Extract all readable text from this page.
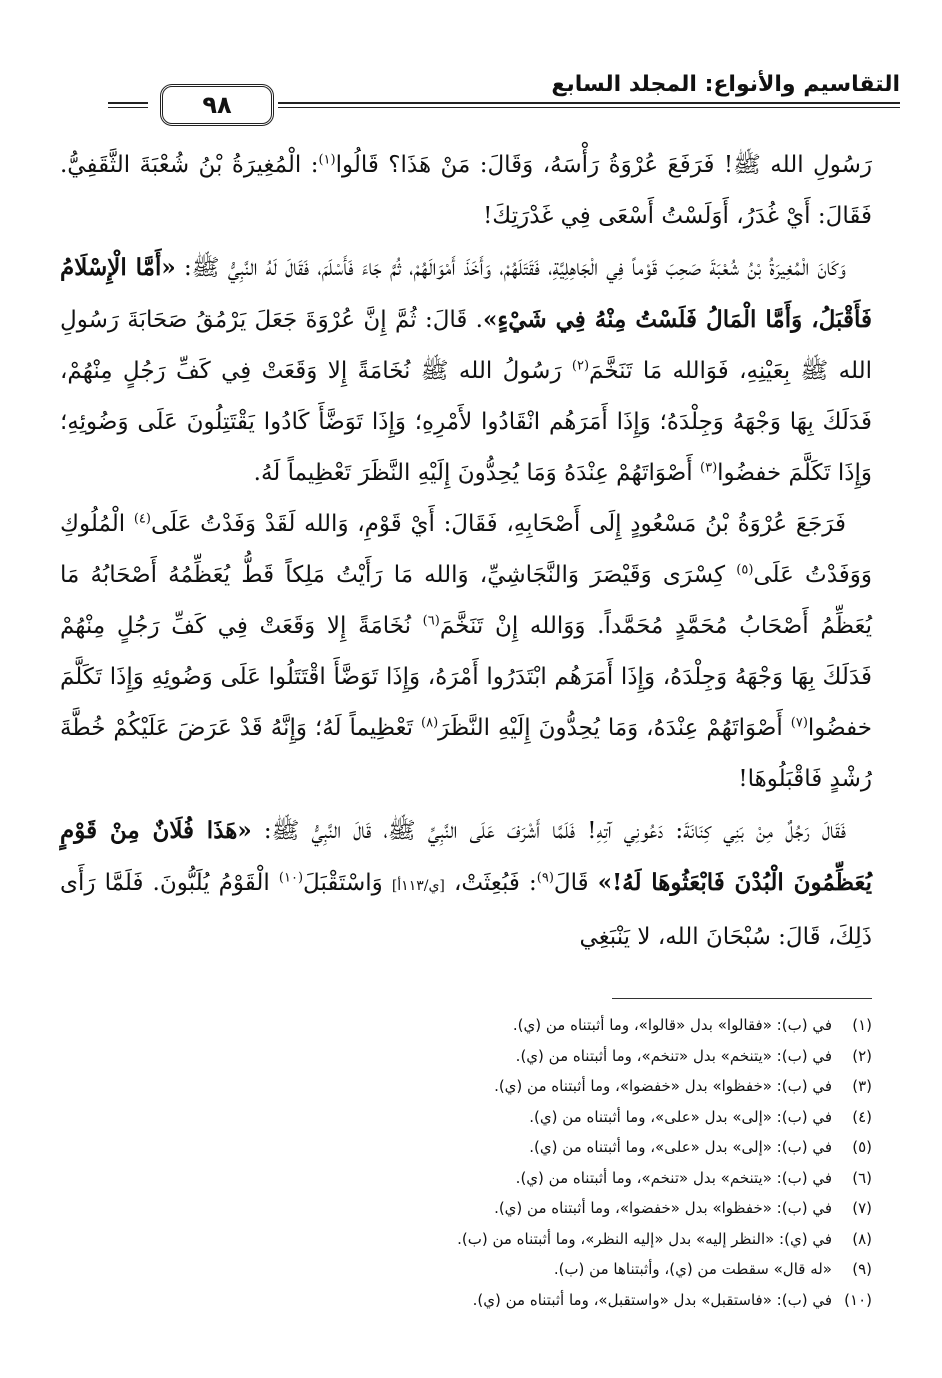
التقاسيم والأنواع: المجلد السابع
٩٨

رَسُولِ الله ﷺ! فَرَفَعَ عُرْوَةُ رَأْسَهُ، وَقَالَ: مَنْ هَذَا؟ قَالُوا$^{(١)}$: الْمُغِيرَةُ بْنُ شُعْبَةَ الثَّقَفِيُّ. فَقَالَ: أَيْ غُدَرُ، أَوَلَسْتُ أَسْعَى فِي غَدْرَتِكَ!

وَكَانَ الْمُغِيرَةُ بْنُ شُعْبَةَ صَحِبَ قَوْماً فِي الْجَاهِلِيَّةِ، فَقَتَلَهُمْ، وَأَخَذَ أَمْوَالَهُمْ، ثُمَّ جَاءَ فَأَسْلَمَ، فَقَالَ لَهُ النَّبِيُّ ﷺ: «أَمَّا الْإِسْلَامُ فَأَقْبَلُ، وَأَمَّا الْمَالُ فَلَسْتُ مِنْهُ فِي شَيْءٍ». قَالَ: ثُمَّ إِنَّ عُرْوَةَ جَعَلَ يَرْمُقُ صَحَابَةَ رَسُولِ الله ﷺ بِعَيْنِهِ، فَوَالله مَا تَنَخَّمَ$^{(٢)}$ رَسُولُ الله ﷺ نُخَامَةً إِلا وَقَعَتْ فِي كَفِّ رَجُلٍ مِنْهُمْ، فَدَلَكَ بِهَا وَجْهَهُ وَجِلْدَهُ؛ وَإِذَا أَمَرَهُم انْقَادُوا لأَمْرِهِ؛ وَإِذَا تَوَضَّأَ كَادُوا يَقْتَتِلُونَ عَلَى وَضُوئِهِ؛ وَإِذَا تَكَلَّمَ خفضُوا$^{(٣)}$ أَصْوَاتَهُمْ عِنْدَهُ وَمَا يُحِدُّونَ إِلَيْهِ النَّظَرَ تَعْظِيماً لَهُ.

فَرَجَعَ عُرْوَةُ بْنُ مَسْعُودٍ إِلَى أَصْحَابِهِ، فَقَالَ: أَيْ قَوْمِ، وَالله لَقَدْ وَفَدْتُ عَلَى$^{(٤)}$ الْمُلُوكِ وَوَفَدْتُ عَلَى$^{(٥)}$ كِسْرَى وَقَيْصَرَ وَالنَّجَاشِيِّ، وَالله مَا رَأَيْتُ مَلِكاً قَطُّ يُعَظِّمُهُ أَصْحَابُهُ مَا يُعَظِّمُ أَصْحَابُ مُحَمَّدٍ مُحَمَّداً. وَوَالله إِنْ تَنَخَّمَ$^{(٦)}$ نُخَامَةً إِلا وَقَعَتْ فِي كَفِّ رَجُلٍ مِنْهُمْ فَدَلَكَ بِهَا وَجْهَهُ وَجِلْدَهُ، وَإِذَا أَمَرَهُم ابْتَدَرُوا أَمْرَهُ، وَإِذَا تَوَضَّأَ اقْتَتَلُوا عَلَى وَضُوئِهِ وَإِذَا تَكَلَّمَ خفضُوا$^{(٧)}$ أَصْوَاتَهُمْ عِنْدَهُ، وَمَا يُحِدُّونَ إِلَيْهِ النَّظَرَ$^{(٨)}$ تَعْظِيماً لَهُ؛ وَإِنَّهُ قَدْ عَرَضَ عَلَيْكُمْ خُطَّةَ رُشْدٍ فَاقْبَلُوهَا!

فَقَالَ رَجُلٌ مِنْ بَنِي كِنَانَةَ: دَعُونِي آتِهِ! فَلَمَّا أَشْرَفَ عَلَى النَّبِيِّ ﷺ، قَالَ النَّبِيُّ ﷺ: «هَذَا فُلَانٌ مِنْ قَوْمٍ يُعَظِّمُونَ الْبُدْنَ فَابْعَثُوهَا لَهُ!» قَالَ$^{(٩)}$: فَبُعِثَتْ، [ي/١١٣أ] وَاسْتَقْبَلَ$^{(١٠)}$ الْقَوْمُ يُلَبُّونَ. فَلَمَّا رَأَى ذَلِكَ، قَالَ: سُبْحَانَ الله، لا يَنْبَغِي

(١)
في (ب): «فقالوا» بدل «قالوا»، وما أثبتناه من (ي).
(٢)
في (ب): «يتنخم» بدل «تنخم»، وما أثبتناه من (ي).
(٣)
في (ب): «خفظوا» بدل «خفضوا»، وما أثبتناه من (ي).
(٤)
في (ب): «إلى» بدل «على»، وما أثبتناه من (ي).
(٥)
في (ب): «إلى» بدل «على»، وما أثبتناه من (ي).
(٦)
في (ب): «يتنخم» بدل «تنخم»، وما أثبتناه من (ي).
(٧)
في (ب): «خفظوا» بدل «خفضوا»، وما أثبتناه من (ي).
(٨)
في (ي): «النظر إليه» بدل «إليه النظر»، وما أثبتناه من (ب).
(٩)
«له قال» سقطت من (ي)، وأثبتناها من (ب).
(١٠)
في (ب): «فاستقبل» بدل «واستقبل»، وما أثبتناه من (ي).
